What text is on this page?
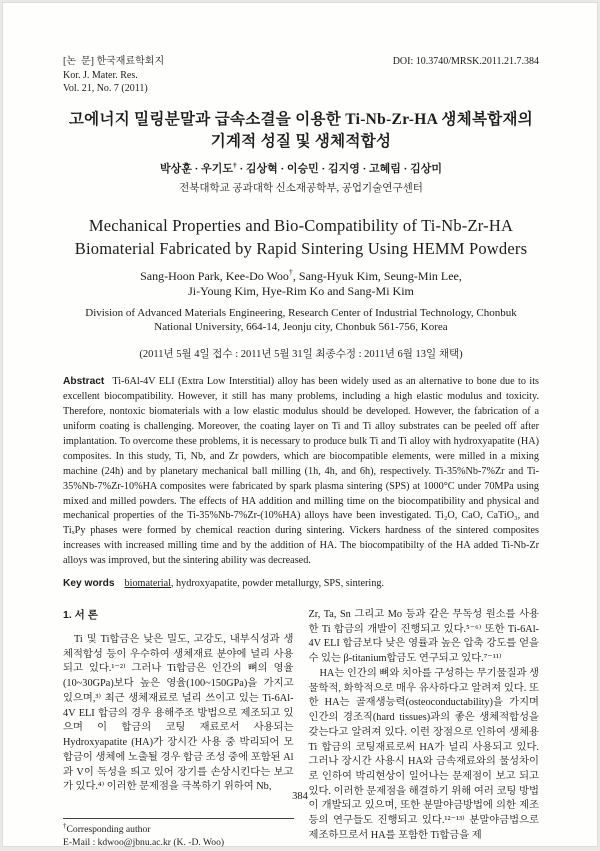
[논  문] 한국재료학회지
Kor. J. Mater. Res.
Vol. 21, No. 7 (2011)
DOI: 10.3740/MRSK.2011.21.7.384
고에너지 밀링분말과 급속소결을 이용한 Ti-Nb-Zr-HA 생체복합재의
기계적 성질 및 생체적합성
박상훈 · 우기도† · 김상혁 · 이승민 · 김지영 · 고혜림 · 김상미
전북대학교 공과대학 신소재공학부, 공업기술연구센터
Mechanical Properties and Bio-Compatibility of Ti-Nb-Zr-HA
Biomaterial Fabricated by Rapid Sintering Using HEMM Powders
Sang-Hoon Park, Kee-Do Woo†, Sang-Hyuk Kim, Seung-Min Lee,
Ji-Young Kim, Hye-Rim Ko and Sang-Mi Kim
Division of Advanced Materials Engineering, Research Center of Industrial Technology, Chonbuk National University, 664-14, Jeonju city, Chonbuk 561-756, Korea
(2011년 5월 4일 접수 : 2011년 5월 31일 최종수정 : 2011년 6월 13일 채택)
Abstract Ti-6Al-4V ELI (Extra Low Interstitial) alloy has been widely used as an alternative to bone due to its excellent biocompatibility. However, it still has many problems, including a high elastic modulus and toxicity. Therefore, nontoxic biomaterials with a low elastic modulus should be developed. However, the fabrication of a uniform coating is challenging. Moreover, the coating layer on Ti and Ti alloy substrates can be peeled off after implantation. To overcome these problems, it is necessary to produce bulk Ti and Ti alloy with hydroxyapatite (HA) composites. In this study, Ti, Nb, and Zr powders, which are biocompatible elements, were milled in a mixing machine (24h) and by planetary mechanical ball milling (1h, 4h, and 6h), respectively. Ti-35%Nb-7%Zr and Ti-35%Nb-7%Zr-10%HA composites were fabricated by spark plasma sintering (SPS) at 1000°C under 70MPa using mixed and milled powders. The effects of HA addition and milling time on the biocompatibility and physical and mechanical properties of the Ti-35%Nb-7%Zr-(10%HA) alloys have been investigated. Ti₂O, CaO, CaTiO₃, and TiₓPy phases were formed by chemical reaction during sintering. Vickers hardness of the sintered composites increases with increased milling time and by the addition of HA. The biocompatibilty of the HA added Ti-Nb-Zr alloys was improved, but the sintering ability was decreased.
Key words biomaterial, hydroxyapatite, powder metallurgy, SPS, sintering.
1. 서 론

Ti 및 Ti합금은 낮은 밀도, 고강도, 내부식성과 생체적합성 등이 우수하여 생체재료 분야에 널리 사용되고 있다.¹⁻²⁾ 그러나 Ti합금은 인간의 뼈의 영율(10~30GPa)보다 높은 영율(100~150GPa)을 가지고 있으며,³⁾ 최근 생체재료로 널리 쓰이고 있는 Ti-6Al-4V ELI 합금의 경우 용해주조 방법으로 제조되고 있으며 이 합금의 코팅 재료로서 사용되는 Hydroxyapatite (HA)가 장시간 사용 중 박리되어 모 합금이 생체에 노출될 경우 합금 조성 중에 포함된 Al과 V이 독성을 띄고 있어 장기를 손상시킨다는 보고가 있다.⁴⁾ 이러한 문제점을 극복하기 위하여 Nb,

†Corresponding author
E-Mail : kdwoo@jbnu.ac.kr (K. -D. Woo)

Zr, Ta, Sn 그리고 Mo 등과 같은 무독성 원소를 사용한 Ti 합금의 개발이 진행되고 있다.⁵⁻⁶⁾ 또한 Ti-6Al-4V ELI 합금보다 낮은 영률과 높은 압축 강도를 얻을 수 있는 β-titanium합금도 연구되고 있다.⁷⁻¹¹⁾

HA는 인간의 뼈와 치아를 구성하는 무기물질과 생물학적, 화학적으로 매우 유사하다고 알려져 있다. 또한 HA는 골재생능력(osteoconductability)을 가지며 인간의 경조직(hard tissues)과의 좋은 생체적합성을 갖는다고 알려져 있다. 이런 장점으로 인하여 생체용 Ti 합금의 코팅재료로써 HA가 널리 사용되고 있다. 그러나 장시간 사용시 HA와 금속재료와의 물성차이로 인하여 박리현상이 일어나는 문제점이 보고 되고 있다. 이러한 문제점을 해결하기 위해 여러 코팅 방법이 개발되고 있으며, 또한 분말야금방법에 의한 제조 등의 연구들도 진행되고 있다.¹²⁻¹³⁾ 분말야금법으로 제조하므로서 HA를 포함한 Ti합금을 제

384
